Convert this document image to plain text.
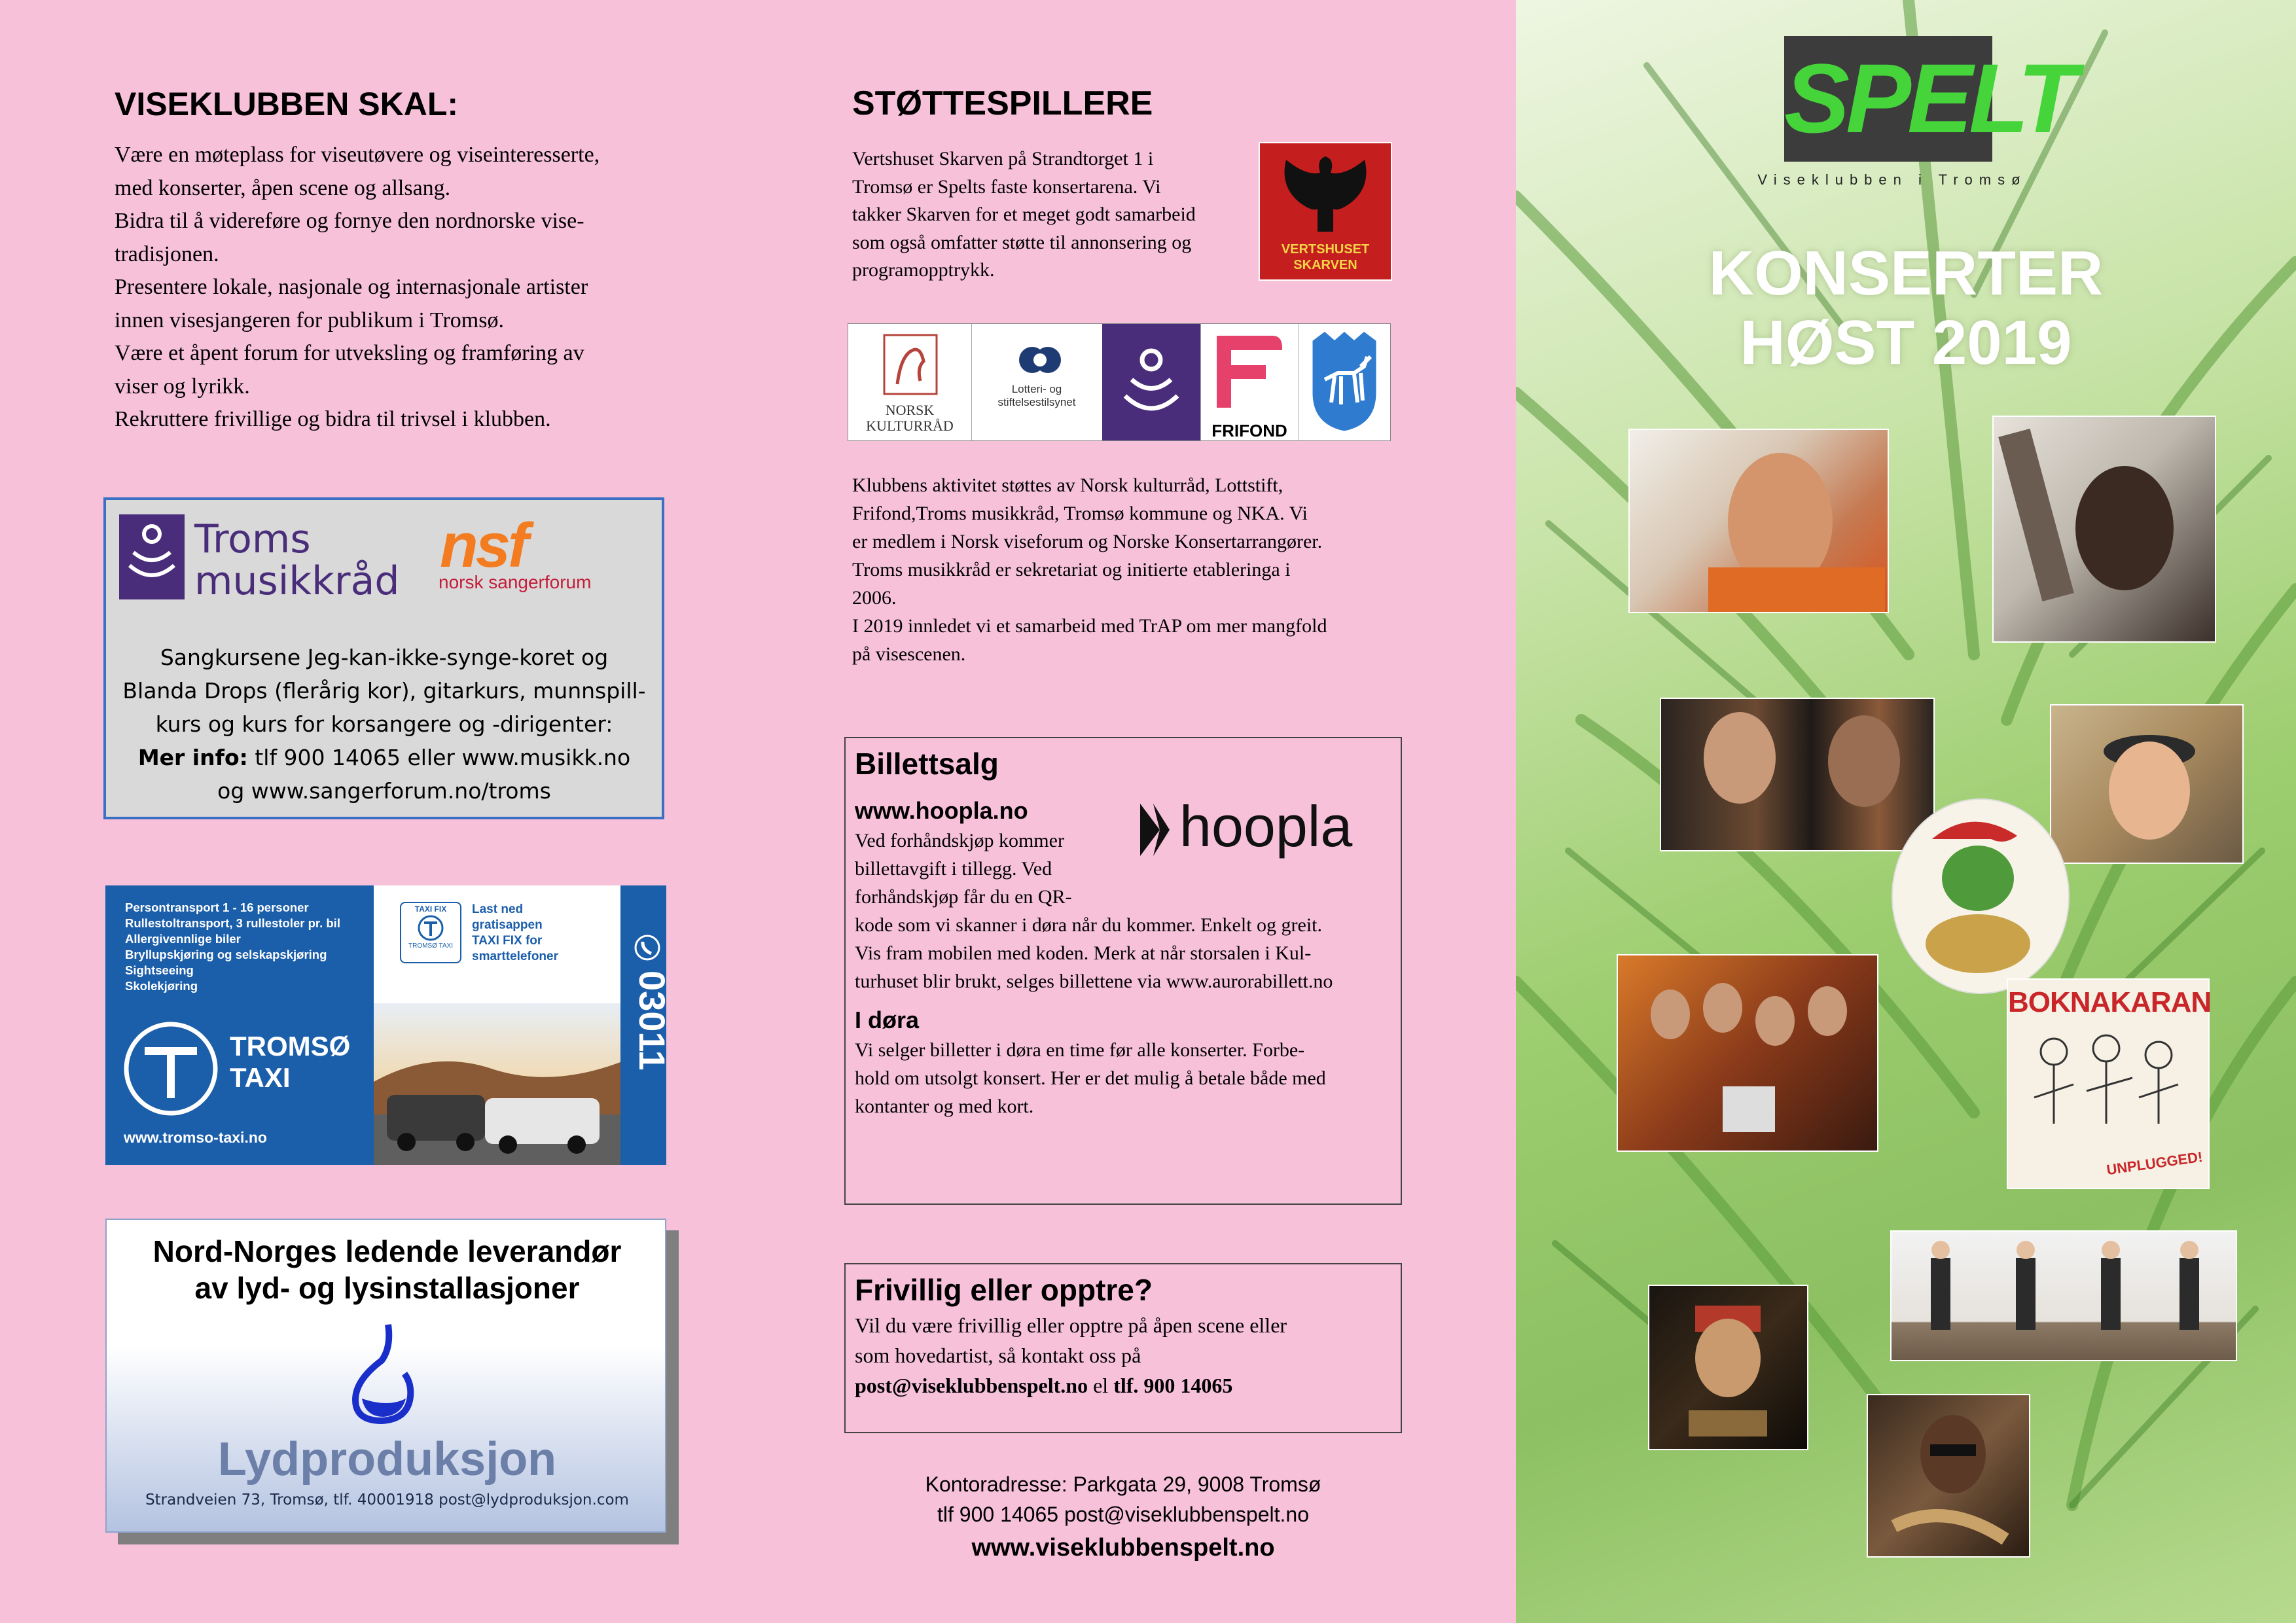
VISEKLUBBEN SKAL:
Være en møteplass for viseutøvere og viseinteresserte,
med konserter, åpen scene og allsang.
Bidra til å videreføre og fornye den nordnorske vise-
tradisjonen.
Presentere lokale, nasjonale og internasjonale artister
innen visesjangeren for publikum i Tromsø.
Være et åpent forum for utveksling og framføring av
viser og lyrikk.
Rekruttere frivillige og bidra til trivsel i klubben.
Troms
musikkråd
nsf
norsk sangerforum
Sangkursene Jeg-kan-ikke-synge-koret og
Blanda Drops (flerårig kor), gitarkurs, munnspill-
kurs og kurs for korsangere og -dirigenter:
Mer info: tlf 900 14065 eller www.musikk.no
og www.sangerforum.no/troms
Persontransport 1 - 16 personer
Rullestoltransport, 3 rullestoler pr. bil
Allergivennlige biler
Bryllupskjøring og selskapskjøring
Sightseeing
Skolekjøring
TAXI FIX
TROMSØ TAXI
Last ned
gratisappen
TAXI FIX for
smarttelefoner
TROMSØ
TAXI
www.tromso-taxi.no
03011
Nord-Norges ledende leverandør
av lyd- og lysinstallasjoner
Lydproduksjon
Strandveien 73, Tromsø, tlf. 40001918 post@lydproduksjon.com
STØTTESPILLERE
Vertshuset Skarven på Strandtorget 1 i
Tromsø er Spelts faste konsertarena. Vi
takker Skarven for et meget godt samarbeid
som også omfatter støtte til annonsering og
programopptrykk.
VERTSHUSET
SKARVEN
NORSK
KULTURRÅD
Lotteri- og
stiftelsestilsynet
FRIFOND
Klubbens aktivitet støttes av Norsk kulturråd, Lottstift,
Frifond,Troms musikkråd, Tromsø kommune og NKA. Vi
er medlem i Norsk viseforum og Norske Konsertarrangører.
Troms musikkråd er sekretariat og initierte etableringa i
2006.
I 2019 innledet vi et samarbeid med TrAP om mer mangfold
på visescenen.
Billettsalg
www.hoopla.no	hoopla
Ved forhåndskjøp kommer
billettavgift i tillegg. Ved
forhåndskjøp får du en QR-
kode som vi skanner i døra når du kommer. Enkelt og greit.
Vis fram mobilen med koden. Merk at når storsalen i Kul-
turhuset blir brukt, selges billettene via www.aurorabillett.no
I døra
Vi selger billetter i døra en time før alle konserter. Forbe-
hold om utsolgt konsert. Her er det mulig å betale både med
kontanter og med kort.
Frivillig eller opptre?
Vil du være frivillig eller opptre på åpen scene eller
som hovedartist, så kontakt oss på
post@viseklubbenspelt.no el tlf. 900 14065
Kontoradresse: Parkgata 29, 9008 Tromsø
tlf 900 14065 post@viseklubbenspelt.no
www.viseklubbenspelt.no
SPELT
Viseklubben i Tromsø
KONSERTER
HØST 2019
BOKNAKARAN
UNPLUGGED!
